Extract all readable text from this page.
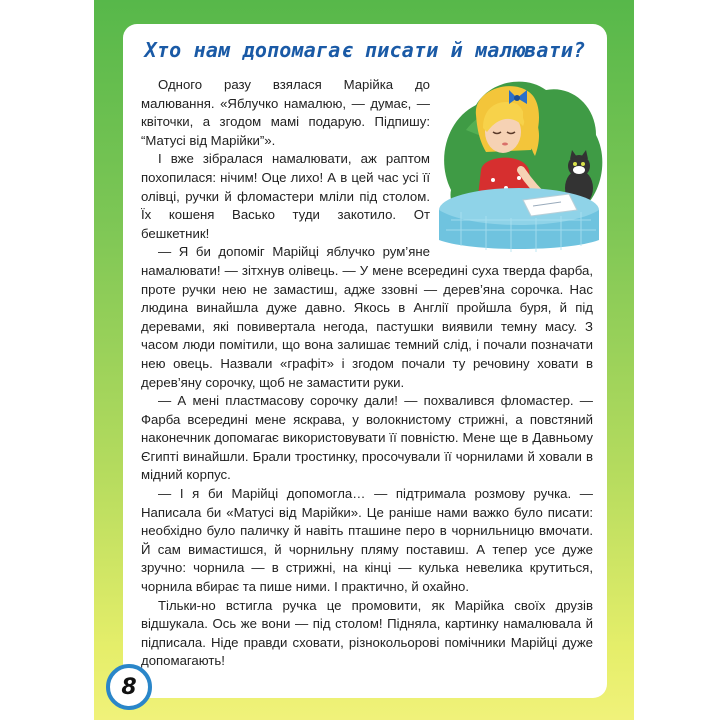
Хто нам допомагає писати й малювати?

Одного разу взялася Марійка до малювання. «Яблучко намалюю, — думає, — квіточки, а згодом мамі подарую. Підпишу: “Матусі від Марійки”».

І вже зібралася намалювати, аж раптом похопилася: нічим! Оце лихо! А в цей час усі її олівці, ручки й фломастери мліли під столом. Їх кошеня Васько туди закотило. От бешкетник!

— Я би допоміг Марійці яблучко рум’яне намалювати! — зітхнув олівець. — У мене всередині суха тверда фарба, проте ручки нею не замастиш, адже ззовні — дерев’яна сорочка. Нас людина винайшла дуже давно. Якось в Англії пройшла буря, й під деревами, які повивертала негода, пастушки виявили темну масу. З часом люди помітили, що вона залишає темний слід, і почали позначати нею овець. Назвали «графіт» і згодом почали ту речовину ховати в дерев’яну сорочку, щоб не замастити руки.

— А мені пластмасову сорочку дали! — похвалився фломастер. — Фарба всередині мене яскрава, у волокнистому стрижні, а повстяний наконечник допомагає використовувати її повністю. Мене ще в Давньому Єгипті винайшли. Брали тростинку, просочували її чорнилами й ховали в мідний корпус.

— І я би Марійці допомогла… — підтримала розмову ручка. — Написала би «Матусі від Марійки». Це раніше нами важко було писати: необхідно було паличку й навіть пташине перо в чорнильницю вмочати. Й сам вимастишся, й чорнильну пляму поставиш. А тепер усе дуже зручно: чорнила — в стрижні, на кінці — кулька невелика крутиться, чорнила вбирає та пише ними. І практично, й охайно.

Тільки-но встигла ручка це промовити, як Марійка своїх друзів відшукала. Ось же вони — під столом! Підняла, картинку намалювала й підписала. Ніде правди сховати, різнокольорові помічники Марійці дуже допомагають!

8
